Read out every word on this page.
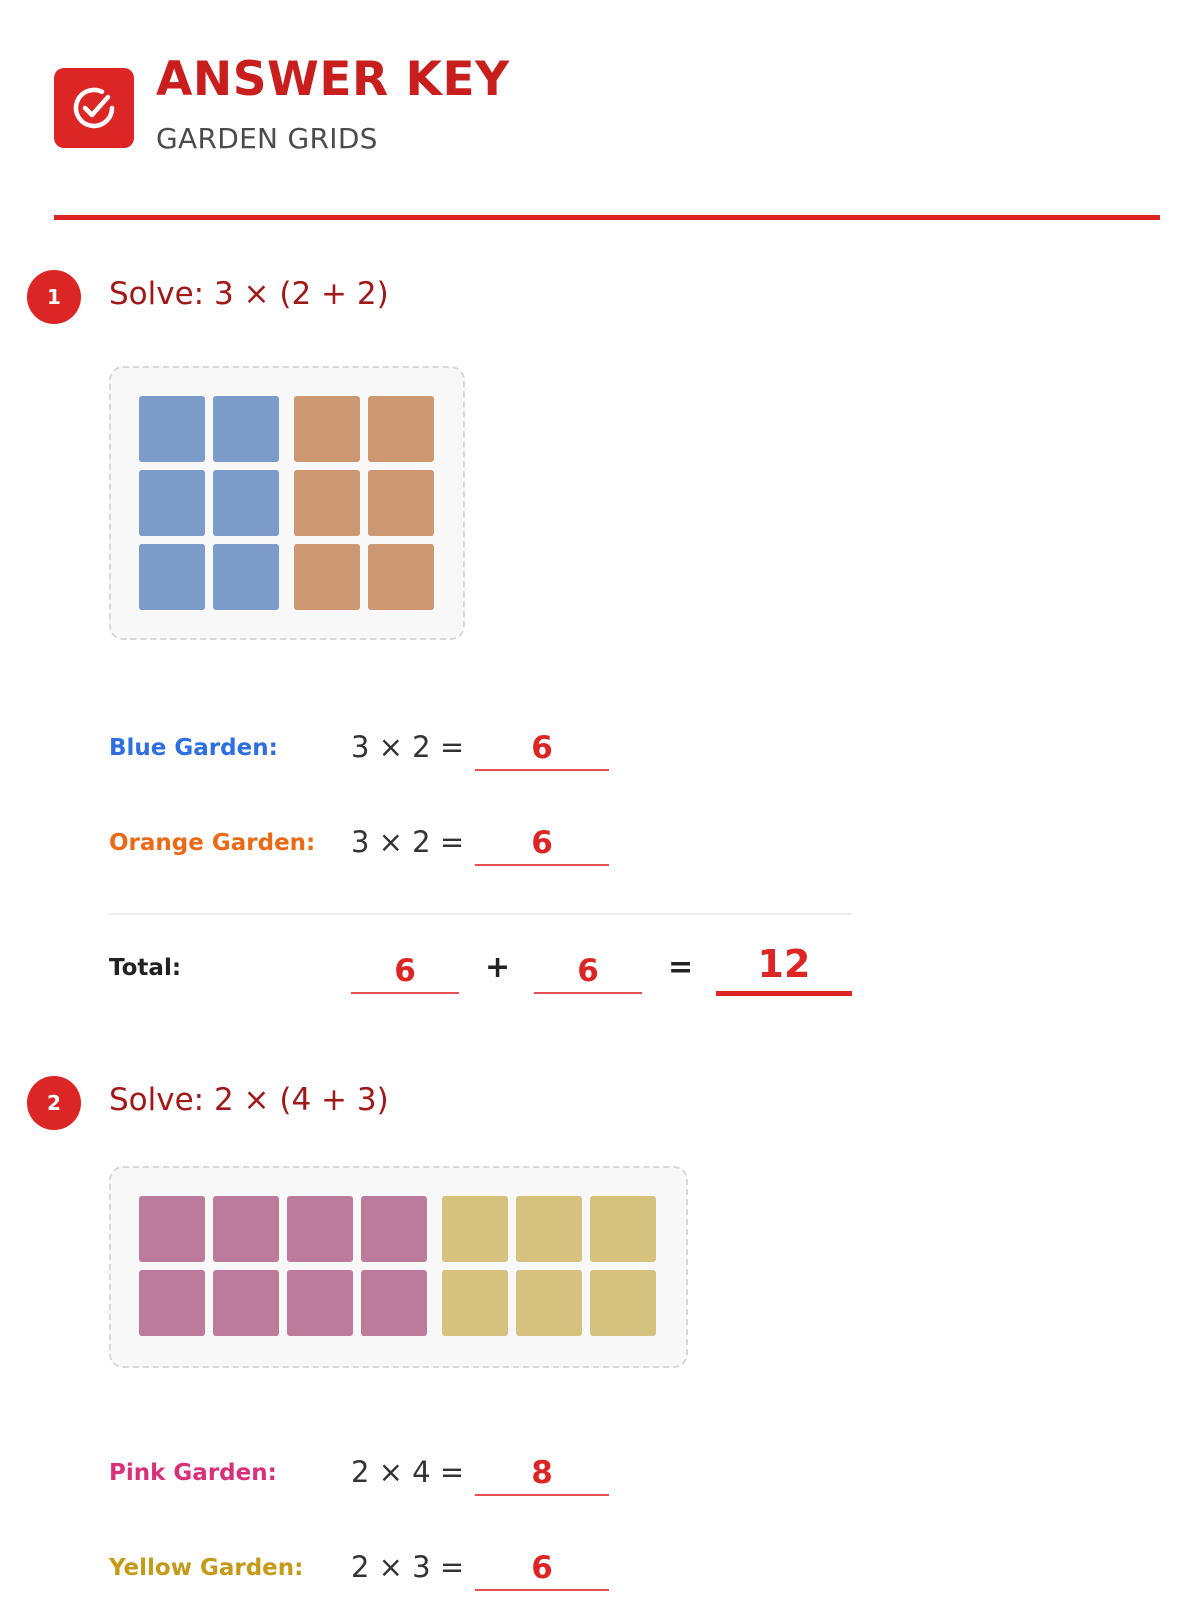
ANSWER KEY
GARDEN GRIDS
1	Solve: 3 × (2 + 2)
Blue Garden:	3 × 2 =	6
Orange Garden: 3 × 2 =	6
Total:	6	+	6	=	12
2	Solve: 2 × (4 + 3)
Pink Garden:	2 × 4 =	8
Yellow Garden: 2 × 3 =	6
